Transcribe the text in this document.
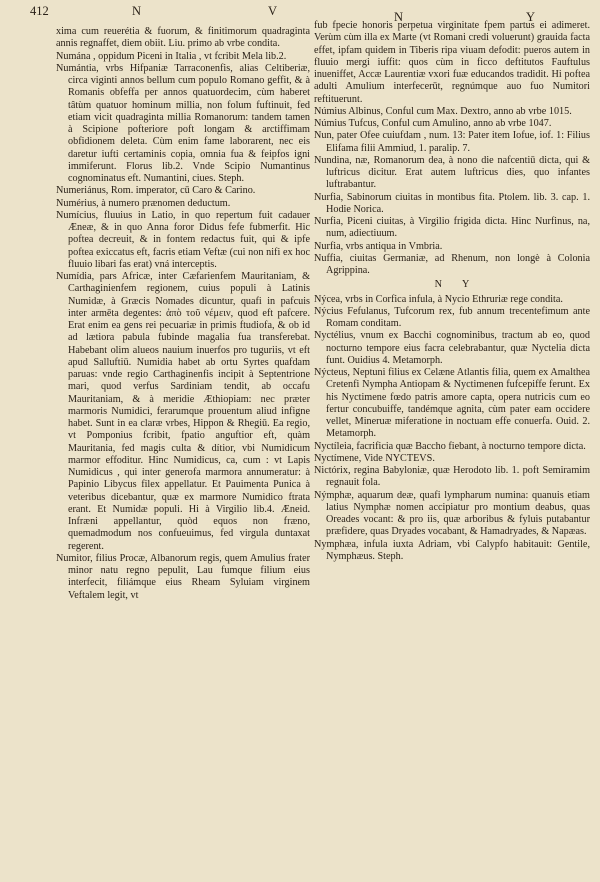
412	N	V	N	Y

xima cum reuerétia & fuorum, & finitimorum quadraginta annis regnaffet, diem obiit. Liu. primo ab vrbe condita.

Numána , oppidum Piceni in Italia , vt fcribit Mela lib.2.

Numántia, vrbs Hifpaniæ Tarraconenfis, alias Celtiberiæ, circa viginti annos bellum cum populo Romano geffit, & à Romanis obfeffa per annos quatuordecim, cùm haberet tâtùm quatuor hominum millia, non folum fuftinuit, fed etiam vicit quadraginta millia Romanorum: tandem tamen à Scipione pofteriore poft longam & arctiffimam obfidionem deleta. Cùm enim fame laborarent, nec eis daretur iufti certaminis copia, omnia fua & feipfos igni immiferunt. Florus lib.2. Vnde Scipio Numantinus cognominatus eft. Numantini, ciues. Steph.

Numeriánus, Rom. imperator, cū Caro & Carino.

Numérius, à numero prænomen deductum.

Numícius, fluuius in Latio, in quo repertum fuit cadauer Æneæ, & in quo Anna foror Didus fefe fubmerfit. Hic poftea decreuit, & in fontem redactus fuit, qui & ipfe poftea exiccatus eft, facris etiam Veftæ (cui non nifi ex hoc fluuio libari fas erat) vná interceptis.

Numídia, pars Africæ, inter Cæfarienfem Mauritaniam, & Carthaginienfem regionem, cuius populi à Latinis Numidæ, à Græcis Nomades dicuntur, quafi in pafcuis inter armēta degentes: ἀπὸ τοῦ νέμειν, quod eft pafcere. Erat enim ea gens rei pecuariæ in primis ftudiofa, & ob id ad lætiora pabula fubinde magalia fua transferebat. Habebant olim alueos nauium inuerfos pro tuguriis, vt eft apud Salluftiū. Numidia habet ab ortu Syrtes quafdam paruas: vnde regio Carthaginenfis incipit à Septentrione mari, quod verfus Sardiniam tendit, ab occafu Mauritaniam, & à meridie Æthiopiam: nec præter marmoris Numidici, ferarumque prouentum aliud infigne habet. Sunt in ea claræ vrbes, Hippon & Rhegiū. Ea regio, vt Pomponius fcribit, fpatio anguftior eft, quàm Mauritania, fed magis culta & dítior, vbi Numidicum marmor effoditur. Hinc Numidicus, ca, cum : vt Lapis Numidicus , qui inter generofa marmora annumeratur: à Papinio Libycus filex appellatur. Et Pauimenta Punica à veteribus dicebantur, quæ ex marmore Numidico ftrata erant. Et Numidæ populi. Hi à Virgilio lib.4. Æneid. Infræni appellantur, quòd equos non fræno, quemadmodum nos confueuimus, fed virgula duntaxat regerent.

Numitor, filius Procæ, Albanorum regis, quem Amulius frater minor natu regno pepulit, Lau fumque filium eius interfecit, filiámque eius Rheam Syluiam virginem Veftalem legit, vt

fub fpecie honoris perpetua virginitate fpem partus ei adimeret. Verùm cùm illa ex Marte (vt Romani credi voluerunt) grauida facta effet, ipfam quidem in Tiberis ripa viuam defodit: pueros autem in fluuio mergi iuffit: quos cùm in ficco deftitutos Fauftulus inueniffet, Accæ Laurentiæ vxori fuæ educandos tradidit. Hi poftea adulti Amulium interfecerūt, regnúmque auo fuo Numitori reftituerunt.

Númius Albinus, Conful cum Max. Dextro, anno ab vrbe 1015.

Númius Tufcus, Conful cum Amulino, anno ab vrbe 1047.

Nun, pater Ofee cuiufdam , num. 13: Pater item Iofue, iof. 1: Filius Elifama filii Ammiud, 1. paralip. 7.

Nundina, næ, Romanorum dea, à nono die nafcentiū dicta, qui & luftricus dicitur. Erat autem luftricus dies, quo infantes luftrabantur.

Nurfia, Sabinorum ciuitas in montibus fita. Ptolem. lib. 3. cap. 1. Hodie Norica.

Nurfia, Piceni ciuitas, à Virgilio frigida dicta. Hinc Nurfinus, na, num, adiectiuum.

Nurfia, vrbs antiqua in Vmbria.

Nuffia, ciuitas Germaniæ, ad Rhenum, non longè à Colonia Agrippina.

N        Y

Nýcea, vrbs in Corfica infula, à Nycio Ethruriæ rege condita.

Nýcius Fefulanus, Tufcorum rex, fub annum trecentefimum ante Romam conditam.

Nyctélius, vnum ex Bacchi cognominibus, tractum ab eo, quod nocturno tempore eius facra celebrabantur, quæ Nyctelia dicta funt. Ouidius 4. Metamorph.

Nýcteus, Neptuni filius ex Celæne Atlantis filia, quem ex Amalthea Cretenfi Nympha Antiopam & Nyctimenen fufcepiffe ferunt. Ex his Nyctimene fœdo patris amore capta, opera nutricis cum eo fertur concubuiffe, tandémque agnita, cùm pater eam occidere vellet, Mineruæ miferatione in noctuam effe conuerfa. Ouid. 2. Metamorph.

Nyctíleia, facrificia quæ Baccho fiebant, à nocturno tempore dicta.

Nyctímene, Vide NYCTEVS.

Nictórix, regina Babyloniæ, quæ Herodoto lib. 1. poft Semiramim regnauit fola.

Nýmphæ, aquarum deæ, quafi lympharum numina: quanuis etiam latius Nymphæ nomen accipiatur pro montium deabus, quas Oreades vocant: & pro iis, quæ arboribus & fyluis putabantur præfidere, quas Dryades vocabant, & Hamadryades, & Napæas.

Nymphæa, infula iuxta Adriam, vbi Calypfo habitauit: Gentile, Nymphæus. Steph.
